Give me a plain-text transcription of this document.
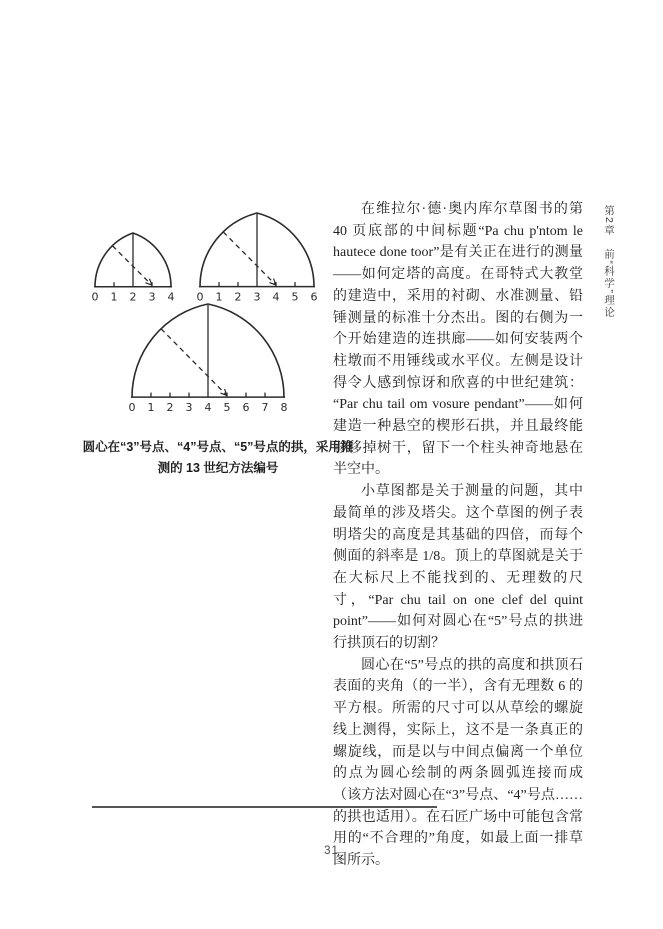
0 1 2 3 4 0 1 2 3 4 5 6
0 1 2 3 4 5 6 7 8
圆心在“3”号点、“4”号点、“5”号点的拱，采用推
测的 13 世纪方法编号

在维拉尔·德·奥内库尔草图书的第 40 页底部的中间标题“Pa chu p'ntom le hautece done toor”是有关正在进行的测量——如何定塔的高度。在哥特式大教堂的建造中，采用的衬砌、水准测量、铅锤测量的标准十分杰出。图的右侧为一个开始建造的连拱廊——如何安装两个柱墩而不用锤线或水平仪。左侧是设计得令人感到惊讶和欣喜的中世纪建筑：“Par chu tail om vosure pendant”——如何建造一种悬空的楔形石拱，并且最终能够移掉树干，留下一个柱头神奇地悬在半空中。

小草图都是关于测量的问题，其中最简单的涉及塔尖。这个草图的例子表明塔尖的高度是其基础的四倍，而每个侧面的斜率是 1/8。顶上的草图就是关于在大标尺上不能找到的、无理数的尺寸，“Par chu tail on one clef del quint point”——如何对圆心在“5”号点的拱进行拱顶石的切割？

圆心在“5”号点的拱的高度和拱顶石表面的夹角（的一半），含有无理数 6 的平方根。所需的尺寸可以从草绘的螺旋线上测得，实际上，这不是一条真正的螺旋线，而是以与中间点偏离一个单位的点为圆心绘制的两条圆弧连接而成（该方法对圆心在“3”号点、“4”号点……的拱也适用）。在石匠广场中可能包含常用的“不合理的”角度，如最上面一排草图所示。

第2章　前“科学”理论
31
